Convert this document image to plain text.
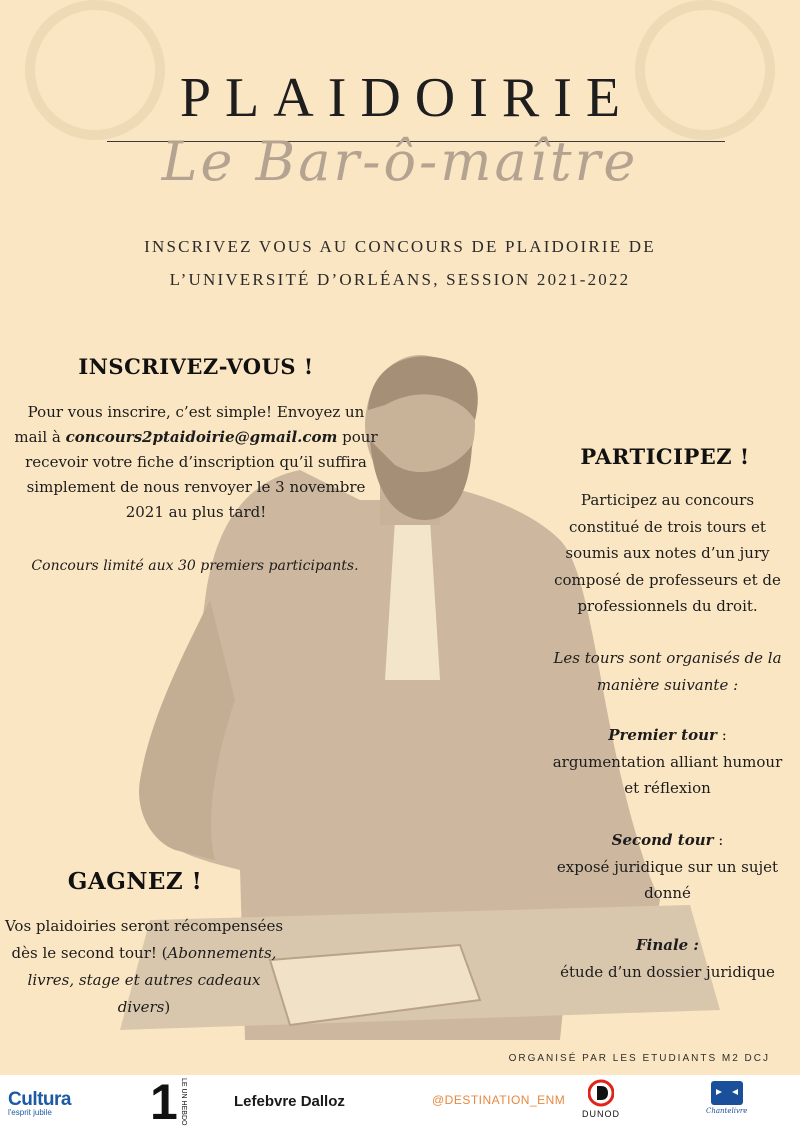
PLAIDOIRIE
Le Bar-ô-maître
INSCRIVEZ VOUS AU CONCOURS DE PLAIDOIRIE DE
L’UNIVERSITÉ D’ORLÉANS, SESSION 2021-2022
INSCRIVEZ-VOUS !
Pour vous inscrire, c’est simple! Envoyez un mail à concours2ptaidoirie@gmail.com pour recevoir votre fiche d’inscription qu’il suffira simplement de nous renvoyer le 3 novembre 2021 au plus tard!
Concours limité aux 30 premiers participants.
PARTICIPEZ !
Participez au concours constitué de trois tours et soumis aux notes d’un jury composé de professeurs et de professionnels du droit.
Les tours sont organisés de la manière suivante :
Premier tour :
argumentation alliant humour et réflexion
Second tour :
exposé juridique sur un sujet donné
Finale :
étude d’un dossier juridique
GAGNEZ !
Vos plaidoiries seront récompensées dès le second tour! (Abonnements, livres, stage et autres cadeaux divers)
ORGANISÉ PAR LES ETUDIANTS M2 DCJ
Cultura
l'esprit jubile 1 LE UN HEBDO	Lefebvre Dalloz	@DESTINATION_ENM
DUNOD	Chantelivre
